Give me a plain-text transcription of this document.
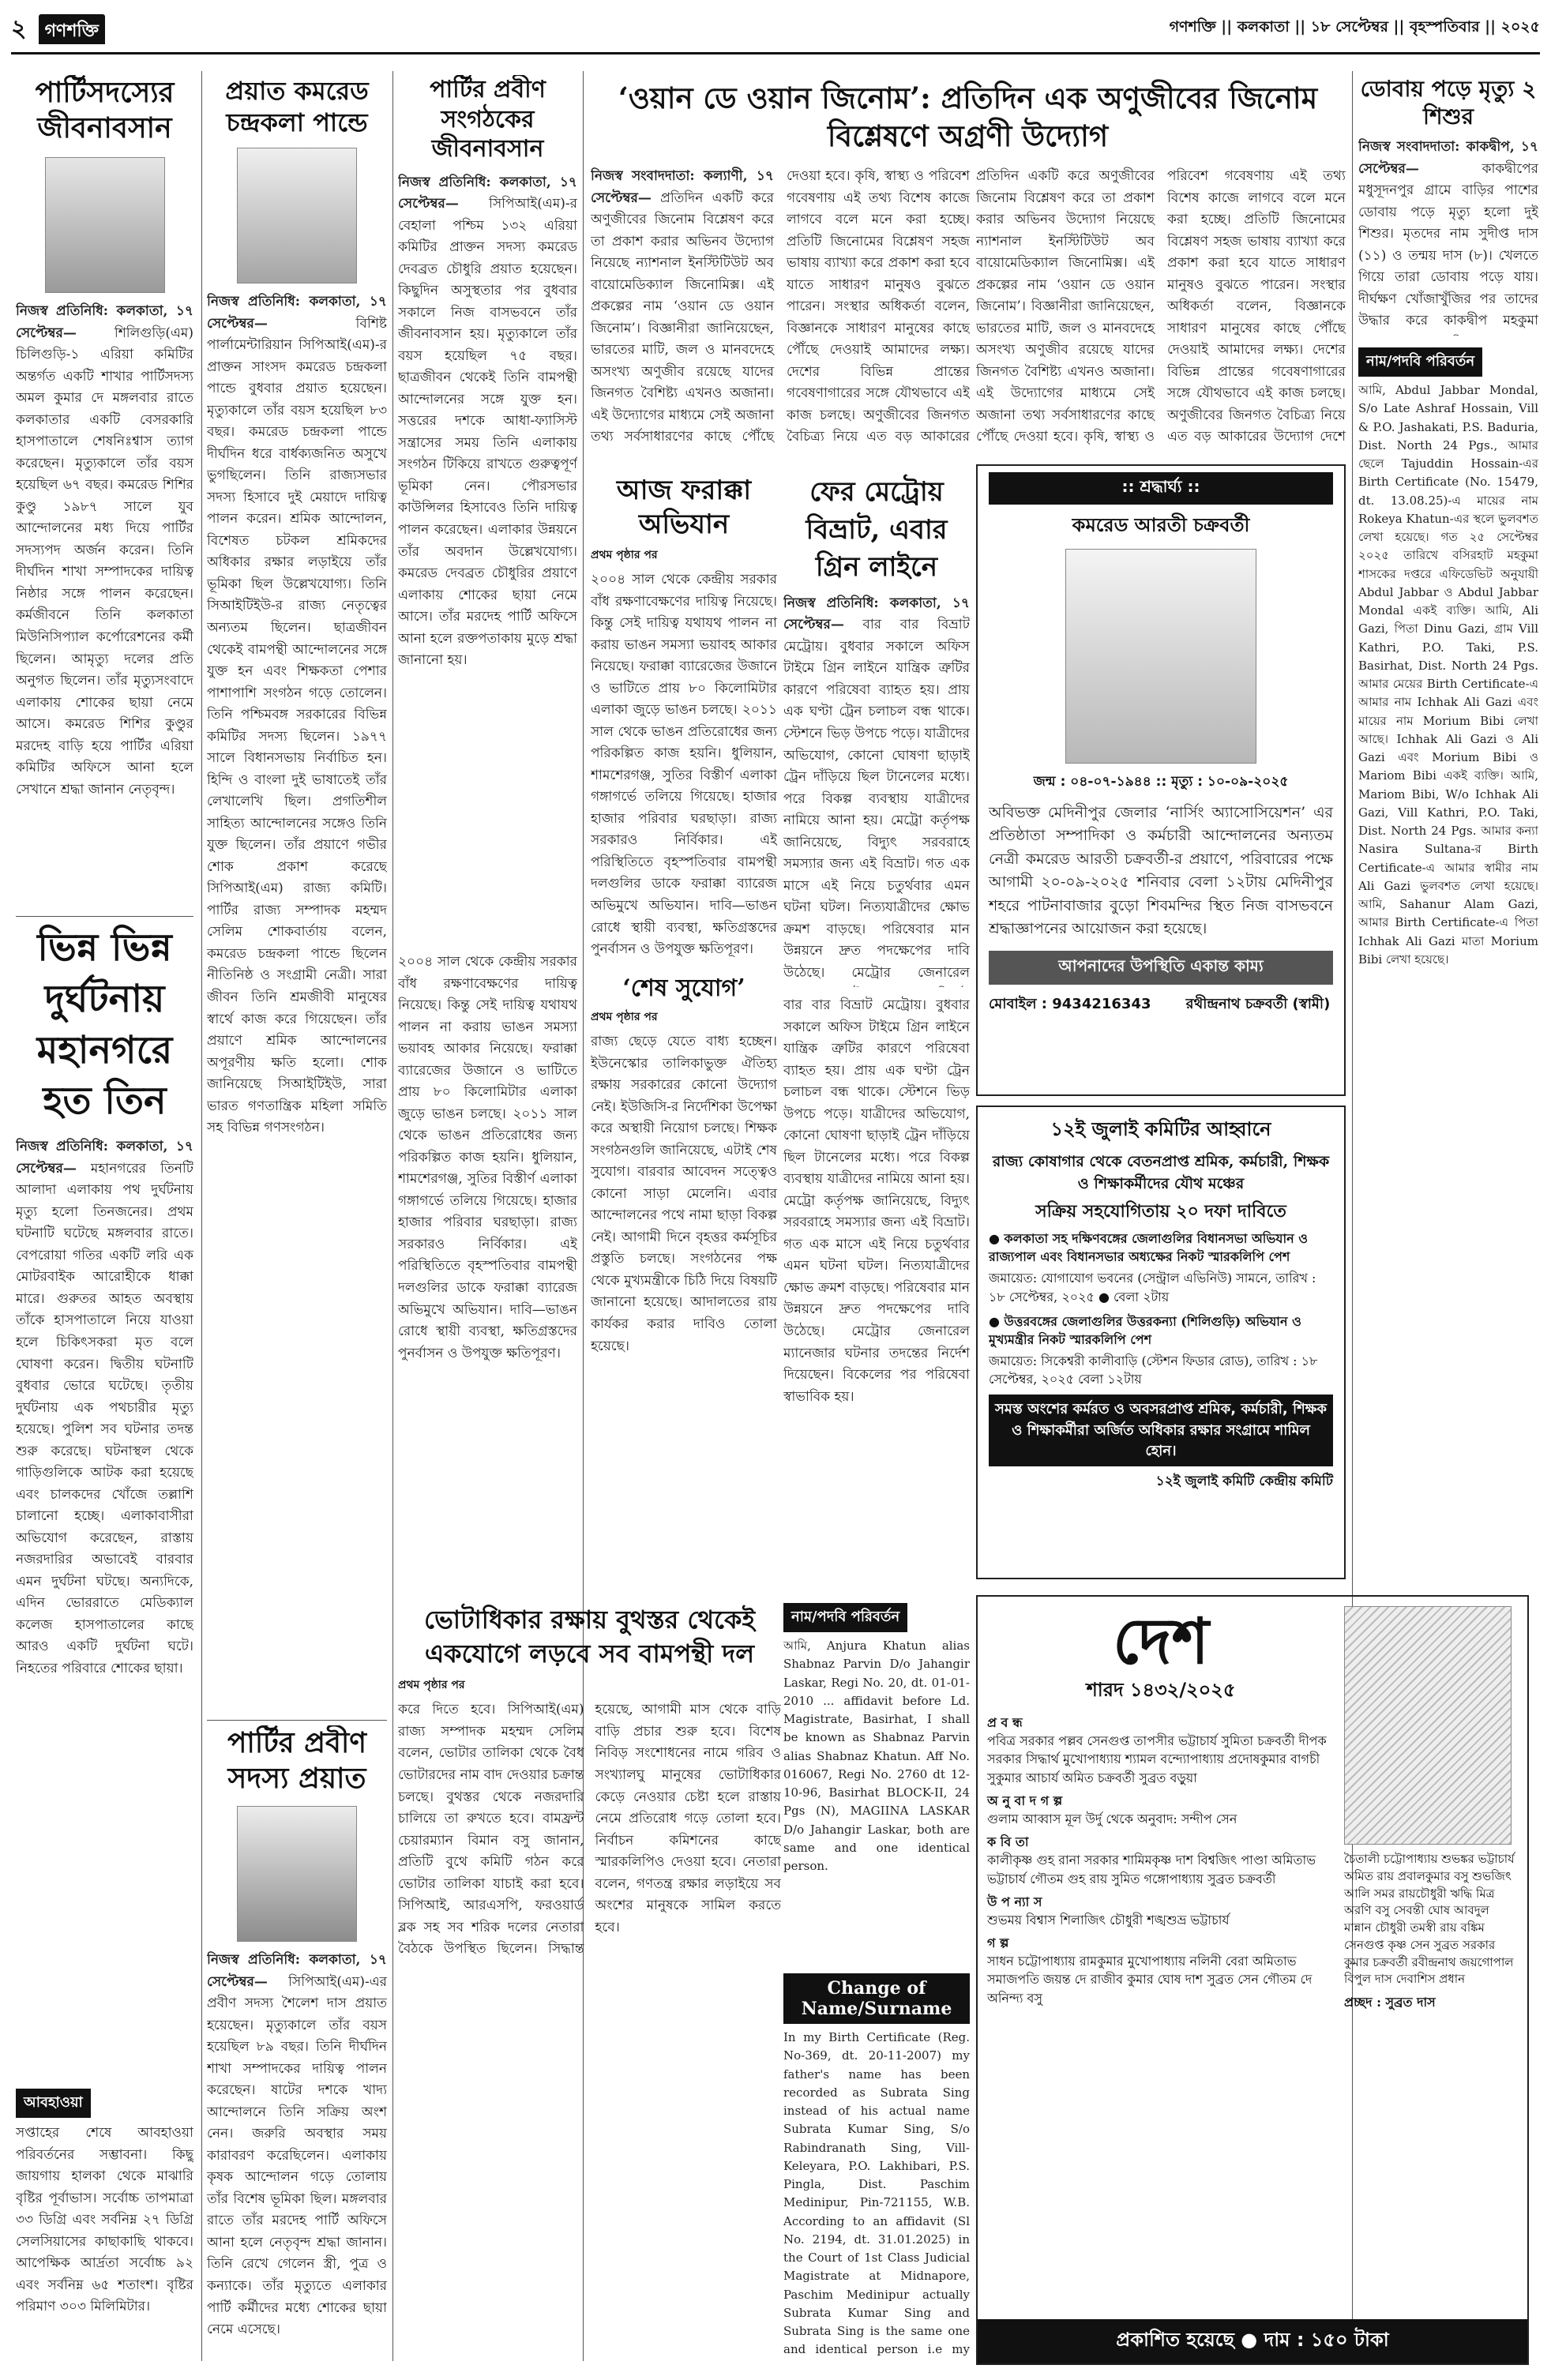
২ গণশক্তি	গণশক্তি || কলকাতা || ১৮ সেপ্টেম্বর || বৃহস্পতিবার || ২০২৫
পার্টিসদস্যের জীবনাবসান

নিজস্ব প্রতিনিধি: কলকাতা, ১৭ সেপ্টেম্বর—	শিলিগুড়ি(এম) চিলিগুড়ি-১ এরিয়া কমিটির অন্তর্গত একটি শাখার পার্টিসদস্য অমল কুমার দে মঙ্গলবার রাতে কলকাতার একটি বেসরকারি হাসপাতালে শেষনিঃশ্বাস ত্যাগ করেছেন। মৃত্যুকালে তাঁর বয়স হয়েছিল ৬৭ বছর। কমরেড শিশির কুণ্ডু ১৯৮৭ সালে যুব আন্দোলনের মধ্য দিয়ে পার্টির সদস্যপদ অর্জন করেন। তিনি দীর্ঘদিন শাখা সম্পাদকের দায়িত্ব নিষ্ঠার সঙ্গে পালন করেছেন। কর্মজীবনে তিনি কলকাতা মিউনিসিপ্যাল কর্পোরেশনের কর্মী ছিলেন। আমৃত্যু দলের প্রতি অনুগত ছিলেন। তাঁর মৃত্যুসংবাদে এলাকায় শোকের ছায়া নেমে আসে। কমরেড শিশির কুণ্ডুর মরদেহ বাড়ি হয়ে পার্টির এরিয়া কমিটির অফিসে আনা হলে সেখানে শ্রদ্ধা জানান নেতৃবৃন্দ।

ভিন্ন ভিন্ন দুর্ঘটনায় মহানগরে হত তিন

নিজস্ব প্রতিনিধি: কলকাতা, ১৭ সেপ্টেম্বর— মহানগরের তিনটি আলাদা এলাকায় পথ দুর্ঘটনায় মৃত্যু হলো তিনজনের। প্রথম ঘটনাটি ঘটেছে মঙ্গলবার রাতে। বেপরোয়া গতির একটি লরি এক মোটরবাইক আরোহীকে ধাক্কা মারে। গুরুতর আহত অবস্থায় তাঁকে হাসপাতালে নিয়ে যাওয়া হলে চিকিৎসকরা মৃত বলে ঘোষণা করেন। দ্বিতীয় ঘটনাটি বুধবার ভোরে ঘটেছে। তৃতীয় দুর্ঘটনায় এক পথচারীর মৃত্যু হয়েছে। পুলিশ সব ঘটনার তদন্ত শুরু করেছে। ঘটনাস্থল থেকে গাড়িগুলিকে আটক করা হয়েছে এবং চালকদের খোঁজে তল্লাশি চালানো হচ্ছে। এলাকাবাসীরা অভিযোগ করেছেন, রাস্তায় নজরদারির অভাবেই বারবার এমন দুর্ঘটনা ঘটছে। অন্যদিকে, এদিন ভোররাতে মেডিক্যাল কলেজ হাসপাতালের কাছে আরও একটি দুর্ঘটনা ঘটে। নিহতের পরিবারে শোকের ছায়া।

আবহাওয়া
সপ্তাহের শেষে আবহাওয়া পরিবর্তনের সম্ভাবনা। কিছু জায়গায় হালকা থেকে মাঝারি বৃষ্টির পূর্বাভাস। সর্বোচ্চ তাপমাত্রা ৩৩ ডিগ্রি এবং সর্বনিম্ন ২৭ ডিগ্রি সেলসিয়াসের কাছাকাছি থাকবে। আপেক্ষিক আর্দ্রতা সর্বোচ্চ ৯২ এবং সর্বনিম্ন ৬৫ শতাংশ। বৃষ্টির পরিমাণ ৩০৩ মিলিমিটার।
প্রয়াত কমরেড চন্দ্রকলা পান্ডে

নিজস্ব প্রতিনিধি: কলকাতা, ১৭ সেপ্টেম্বর—	বিশিষ্ট পার্লামেন্টারিয়ান সিপিআই(এম)-র প্রাক্তন সাংসদ কমরেড চন্দ্রকলা পান্ডে বুধবার প্রয়াত হয়েছেন। মৃত্যুকালে তাঁর বয়স হয়েছিল ৮৩ বছর। কমরেড চন্দ্রকলা পান্ডে দীর্ঘদিন ধরে বার্ধক্যজনিত অসুখে ভুগছিলেন। তিনি রাজ্যসভার সদস্য হিসাবে দুই মেয়াদে দায়িত্ব পালন করেন। শ্রমিক আন্দোলন, বিশেষত চটকল শ্রমিকদের অধিকার রক্ষার লড়াইয়ে তাঁর ভূমিকা ছিল উল্লেখযোগ্য। তিনি সিআইটিইউ-র রাজ্য নেতৃত্বের অন্যতম ছিলেন। ছাত্রজীবন থেকেই বামপন্থী আন্দোলনের সঙ্গে যুক্ত হন এবং শিক্ষকতা পেশার পাশাপাশি সংগঠন গড়ে তোলেন। তিনি পশ্চিমবঙ্গ সরকারের বিভিন্ন কমিটির সদস্য ছিলেন। ১৯৭৭ সালে বিধানসভায় নির্বাচিত হন। হিন্দি ও বাংলা দুই ভাষাতেই তাঁর লেখালেখি ছিল। প্রগতিশীল সাহিত্য আন্দোলনের সঙ্গেও তিনি যুক্ত ছিলেন। তাঁর প্রয়াণে গভীর শোক প্রকাশ করেছে সিপিআই(এম) রাজ্য কমিটি। পার্টির রাজ্য সম্পাদক মহম্মদ সেলিম শোকবার্তায় বলেন, কমরেড চন্দ্রকলা পান্ডে ছিলেন নীতিনিষ্ঠ ও সংগ্রামী নেত্রী। সারা জীবন তিনি শ্রমজীবী মানুষের স্বার্থে কাজ করে গিয়েছেন। তাঁর প্রয়াণে শ্রমিক আন্দোলনের অপূরণীয় ক্ষতি হলো। শোক জানিয়েছে সিআইটিইউ, সারা ভারত গণতান্ত্রিক মহিলা সমিতি সহ বিভিন্ন গণসংগঠন।

পার্টির প্রবীণ সদস্য প্রয়াত

নিজস্ব প্রতিনিধি: কলকাতা, ১৭ সেপ্টেম্বর— সিপিআই(এম)-এর প্রবীণ সদস্য শৈলেশ দাস প্রয়াত হয়েছেন। মৃত্যুকালে তাঁর বয়স হয়েছিল ৮৯ বছর। তিনি দীর্ঘদিন শাখা সম্পাদকের দায়িত্ব পালন করেছেন। ষাটের দশকে খাদ্য আন্দোলনে তিনি সক্রিয় অংশ নেন। জরুরি অবস্থার সময় কারাবরণ করেছিলেন। এলাকায় কৃষক আন্দোলন গড়ে তোলায় তাঁর বিশেষ ভূমিকা ছিল। মঙ্গলবার রাতে তাঁর মরদেহ পার্টি অফিসে আনা হলে নেতৃবৃন্দ শ্রদ্ধা জানান। তিনি রেখে গেলেন স্ত্রী, পুত্র ও কন্যাকে। তাঁর মৃত্যুতে এলাকার পার্টি কর্মীদের মধ্যে শোকের ছায়া নেমে এসেছে।

পার্টির প্রবীণ সংগঠকের জীবনাবসান

নিজস্ব প্রতিনিধি: কলকাতা, ১৭ সেপ্টেম্বর— সিপিআই(এম)-র বেহালা পশ্চিম ১৩২ এরিয়া কমিটির প্রাক্তন সদস্য কমরেড দেবব্রত চৌধুরি প্রয়াত হয়েছেন। কিছুদিন অসুস্থতার পর বুধবার সকালে নিজ বাসভবনে তাঁর জীবনাবসান হয়। মৃত্যুকালে তাঁর বয়স হয়েছিল ৭৫ বছর। ছাত্রজীবন থেকেই তিনি বামপন্থী আন্দোলনের সঙ্গে যুক্ত হন। সত্তরের দশকে আধা-ফ্যাসিস্ট সন্ত্রাসের সময় তিনি এলাকায় সংগঠন টিকিয়ে রাখতে গুরুত্বপূর্ণ ভূমিকা নেন। পৌরসভার কাউন্সিলর হিসাবেও তিনি দায়িত্ব পালন করেছেন। এলাকার উন্নয়নে তাঁর অবদান উল্লেখযোগ্য। কমরেড দেবব্রত চৌধুরির প্রয়াণে এলাকায় শোকের ছায়া নেমে আসে। তাঁর মরদেহ পার্টি অফিসে আনা হলে রক্তপতাকায় মুড়ে শ্রদ্ধা জানানো হয়।

‘ওয়ান ডে ওয়ান জিনোম’: প্রতিদিন এক অণুজীবের জিনোম বিশ্লেষণে অগ্রণী উদ্যোগ

নিজস্ব সংবাদদাতা: কল্যাণী, ১৭ সেপ্টেম্বর— প্রতিদিন একটি করে অণুজীবের জিনোম বিশ্লেষণ করে তা প্রকাশ করার অভিনব উদ্যোগ নিয়েছে ন্যাশনাল ইনস্টিটিউট অব বায়োমেডিক্যাল জিনোমিক্স। এই প্রকল্পের নাম ‘ওয়ান ডে ওয়ান জিনোম’। বিজ্ঞানীরা জানিয়েছেন, ভারতের মাটি, জল ও মানবদেহে অসংখ্য অণুজীব রয়েছে যাদের জিনগত বৈশিষ্ট্য এখনও অজানা। এই উদ্যোগের মাধ্যমে সেই অজানা তথ্য সর্বসাধারণের কাছে পৌঁছে দেওয়া হবে। কৃষি, স্বাস্থ্য ও পরিবেশ গবেষণায় এই তথ্য বিশেষ কাজে লাগবে বলে মনে করা হচ্ছে। প্রতিটি জিনোমের বিশ্লেষণ সহজ ভাষায় ব্যাখ্যা করে প্রকাশ করা হবে যাতে সাধারণ মানুষও বুঝতে পারেন। সংস্থার অধিকর্তা বলেন, বিজ্ঞানকে সাধারণ মানুষের কাছে পৌঁছে দেওয়াই আমাদের লক্ষ্য। দেশের বিভিন্ন প্রান্তের গবেষণাগারের সঙ্গে যৌথভাবে এই কাজ চলছে। অণুজীবের জিনগত বৈচিত্র্য নিয়ে এত বড় আকারের

প্রতিদিন একটি করে অণুজীবের জিনোম বিশ্লেষণ করে তা প্রকাশ করার অভিনব উদ্যোগ নিয়েছে ন্যাশনাল ইনস্টিটিউট অব বায়োমেডিক্যাল জিনোমিক্স। এই প্রকল্পের নাম ‘ওয়ান ডে ওয়ান জিনোম’। বিজ্ঞানীরা জানিয়েছেন, ভারতের মাটি, জল ও মানবদেহে অসংখ্য অণুজীব রয়েছে যাদের জিনগত বৈশিষ্ট্য এখনও অজানা। এই উদ্যোগের মাধ্যমে সেই অজানা তথ্য সর্বসাধারণের কাছে পৌঁছে দেওয়া হবে। কৃষি, স্বাস্থ্য ও পরিবেশ গবেষণায় এই তথ্য বিশেষ কাজে লাগবে বলে মনে করা হচ্ছে। প্রতিটি জিনোমের বিশ্লেষণ সহজ ভাষায় ব্যাখ্যা করে প্রকাশ করা হবে যাতে সাধারণ মানুষও বুঝতে পারেন। সংস্থার অধিকর্তা বলেন, বিজ্ঞানকে সাধারণ মানুষের কাছে পৌঁছে দেওয়াই আমাদের লক্ষ্য। দেশের বিভিন্ন প্রান্তের গবেষণাগারের সঙ্গে যৌথভাবে এই কাজ চলছে। অণুজীবের জিনগত বৈচিত্র্য নিয়ে এত বড় আকারের উদ্যোগ দেশে
আজ ফরাক্কা অভিযান
প্রথম পৃষ্ঠার পর
২০০৪ সাল থেকে কেন্দ্রীয় সরকার বাঁধ রক্ষণাবেক্ষণের দায়িত্ব নিয়েছে। কিন্তু সেই দায়িত্ব যথাযথ পালন না করায় ভাঙন সমস্যা ভয়াবহ আকার নিয়েছে। ফরাক্কা ব্যারেজের উজানে ও ভাটিতে প্রায় ৮০ কিলোমিটার এলাকা জুড়ে ভাঙন চলছে। ২০১১ সাল থেকে ভাঙন প্রতিরোধের জন্য পরিকল্পিত কাজ হয়নি। ধুলিয়ান, শামশেরগঞ্জ, সুতির বিস্তীর্ণ এলাকা গঙ্গাগর্ভে তলিয়ে গিয়েছে। হাজার হাজার পরিবার ঘরছাড়া। রাজ্য সরকারও নির্বিকার। এই পরিস্থিতিতে বৃহস্পতিবার বামপন্থী দলগুলির ডাকে ফরাক্কা ব্যারেজ অভিমুখে অভিযান। দাবি—ভাঙন রোধে স্থায়ী ব্যবস্থা, ক্ষতিগ্রস্তদের পুনর্বাসন ও উপযুক্ত ক্ষতিপূরণ।
‘শেষ সুযোগ’
প্রথম পৃষ্ঠার পর
রাজ্য ছেড়ে যেতে বাধ্য হচ্ছেন। ইউনেস্কোর তালিকাভুক্ত ঐতিহ্য রক্ষায় সরকারের কোনো উদ্যোগ নেই। ইউজিসি-র নির্দেশিকা উপেক্ষা করে অস্থায়ী নিয়োগ চলছে। শিক্ষক সংগঠনগুলি জানিয়েছে, এটাই শেষ সুযোগ। বারবার আবেদন সত্ত্বেও কোনো সাড়া মেলেনি। এবার আন্দোলনের পথে নামা ছাড়া বিকল্প নেই। আগামী দিনে বৃহত্তর কর্মসূচির প্রস্তুতি চলছে। সংগঠনের পক্ষ থেকে মুখ্যমন্ত্রীকে চিঠি দিয়ে বিষয়টি জানানো হয়েছে। আদালতের রায় কার্যকর করার দাবিও তোলা হয়েছে।
ফের মেট্রোয় বিভ্রাট, এবার গ্রিন লাইনে

নিজস্ব প্রতিনিধি: কলকাতা, ১৭ সেপ্টেম্বর— বার বার বিভ্রাট মেট্রোয়। বুধবার সকালে অফিস টাইমে গ্রিন লাইনে যান্ত্রিক ত্রুটির কারণে পরিষেবা ব্যাহত হয়। প্রায় এক ঘণ্টা ট্রেন চলাচল বন্ধ থাকে। স্টেশনে ভিড় উপচে পড়ে। যাত্রীদের অভিযোগ, কোনো ঘোষণা ছাড়াই ট্রেন দাঁড়িয়ে ছিল টানেলের মধ্যে। পরে বিকল্প ব্যবস্থায় যাত্রীদের নামিয়ে আনা হয়। মেট্রো কর্তৃপক্ষ জানিয়েছে, বিদ্যুৎ সরবরাহে সমস্যার জন্য এই বিভ্রাট। গত এক মাসে এই নিয়ে চতুর্থবার এমন ঘটনা ঘটল। নিত্যযাত্রীদের ক্ষোভ ক্রমশ বাড়ছে। পরিষেবার মান উন্নয়নে দ্রুত পদক্ষেপের দাবি উঠেছে। মেট্রোর জেনারেল

:: শ্রদ্ধার্ঘ্য ::
কমরেড আরতী চক্রবর্তী
জন্ম : ০৪-০৭-১৯৪৪ :: মৃত্যু : ১০-০৯-২০২৫
অবিভক্ত মেদিনীপুর জেলার ‘নার্সিং অ্যাসোসিয়েশন’ এর প্রতিষ্ঠাতা সম্পাদিকা ও কর্মচারী আন্দোলনের অন্যতম নেত্রী কমরেড আরতী চক্রবর্তী-র প্রয়াণে, পরিবারের পক্ষে আগামী ২০-০৯-২০২৫ শনিবার বেলা ১২টায় মেদিনীপুর শহরে পাটনাবাজার বুড়ো শিবমন্দির স্থিত নিজ বাসভবনে শ্রদ্ধাজ্ঞাপনের আয়োজন করা হয়েছে।
আপনাদের উপস্থিতি একান্ত কাম্য
মোবাইল : 9434216343 রথীন্দ্রনাথ চক্রবর্তী (স্বামী)
১২ই জুলাই কমিটির আহ্বানে
রাজ্য কোষাগার থেকে বেতনপ্রাপ্ত শ্রমিক, কর্মচারী, শিক্ষক ও শিক্ষাকর্মীদের যৌথ মঞ্চের
সক্রিয় সহযোগিতায় ২০ দফা দাবিতে
● কলকাতা সহ দক্ষিণবঙ্গের জেলাগুলির বিধানসভা অভিযান ও রাজ্যপাল এবং বিধানসভার অধ্যক্ষের নিকট স্মারকলিপি পেশ
জমায়েত: যোগাযোগ ভবনের (সেন্ট্রাল এভিনিউ) সামনে, তারিখ : ১৮ সেপ্টেম্বর, ২০২৫ ● বেলা ২টায়
● উত্তরবঙ্গের জেলাগুলির উত্তরকন্যা (শিলিগুড়ি) অভিযান ও মুখ্যমন্ত্রীর নিকট স্মারকলিপি পেশ
জমায়েত: সিকেশ্বরী কালীবাড়ি (স্টেশন ফিডার রোড), তারিখ : ১৮ সেপ্টেম্বর, ২০২৫ বেলা ১২টায়
সমস্ত অংশের কর্মরত ও অবসরপ্রাপ্ত শ্রমিক, কর্মচারী, শিক্ষক ও শিক্ষাকর্মীরা অর্জিত অধিকার রক্ষার সংগ্রামে শামিল হোন।
১২ই জুলাই কমিটি কেন্দ্রীয় কমিটি
বার বার বিভ্রাট মেট্রোয়। বুধবার সকালে অফিস টাইমে গ্রিন লাইনে যান্ত্রিক ত্রুটির কারণে পরিষেবা ব্যাহত হয়। প্রায় এক ঘণ্টা ট্রেন চলাচল বন্ধ থাকে। স্টেশনে ভিড় উপচে পড়ে। যাত্রীদের অভিযোগ, কোনো ঘোষণা ছাড়াই ট্রেন দাঁড়িয়ে ছিল টানেলের মধ্যে। পরে বিকল্প ব্যবস্থায় যাত্রীদের নামিয়ে আনা হয়। মেট্রো কর্তৃপক্ষ জানিয়েছে, বিদ্যুৎ সরবরাহে সমস্যার জন্য এই বিভ্রাট। গত এক মাসে এই নিয়ে চতুর্থবার এমন ঘটনা ঘটল। নিত্যযাত্রীদের ক্ষোভ ক্রমশ বাড়ছে। পরিষেবার মান উন্নয়নে দ্রুত পদক্ষেপের দাবি উঠেছে। মেট্রোর জেনারেল ম্যানেজার ঘটনার তদন্তের নির্দেশ দিয়েছেন। বিকেলের পর পরিষেবা স্বাভাবিক হয়।
ভোটাধিকার রক্ষায় বুথস্তর থেকেই একযোগে লড়বে সব বামপন্থী দল
প্রথম পৃষ্ঠার পর
করে দিতে হবে। সিপিআই(এম) রাজ্য সম্পাদক মহম্মদ সেলিম বলেন, ভোটার তালিকা থেকে বৈধ ভোটারদের নাম বাদ দেওয়ার চক্রান্ত চলছে। বুথস্তর থেকে নজরদারি চালিয়ে তা রুখতে হবে। বামফ্রন্ট চেয়ারম্যান বিমান বসু জানান, প্রতিটি বুথে কমিটি গঠন করে ভোটার তালিকা যাচাই করা হবে। সিপিআই, আরএসপি, ফরওয়ার্ড ব্লক সহ সব শরিক দলের নেতারা বৈঠকে উপস্থিত ছিলেন। সিদ্ধান্ত হয়েছে, আগামী মাস থেকে বাড়ি বাড়ি প্রচার শুরু হবে। বিশেষ নিবিড় সংশোধনের নামে গরিব ও সংখ্যালঘু মানুষের ভোটাধিকার কেড়ে নেওয়ার চেষ্টা হলে রাস্তায় নেমে প্রতিরোধ গড়ে তোলা হবে। নির্বাচন কমিশনের কাছে স্মারকলিপিও দেওয়া হবে। নেতারা বলেন, গণতন্ত্র রক্ষার লড়াইয়ে সব অংশের মানুষকে সামিল করতে হবে।
২০০৪ সাল থেকে কেন্দ্রীয় সরকার বাঁধ রক্ষণাবেক্ষণের দায়িত্ব নিয়েছে। কিন্তু সেই দায়িত্ব যথাযথ পালন না করায় ভাঙন সমস্যা ভয়াবহ আকার নিয়েছে। ফরাক্কা ব্যারেজের উজানে ও ভাটিতে প্রায় ৮০ কিলোমিটার এলাকা জুড়ে ভাঙন চলছে। ২০১১ সাল থেকে ভাঙন প্রতিরোধের জন্য পরিকল্পিত কাজ হয়নি। ধুলিয়ান, শামশেরগঞ্জ, সুতির বিস্তীর্ণ এলাকা গঙ্গাগর্ভে তলিয়ে গিয়েছে। হাজার হাজার পরিবার ঘরছাড়া। রাজ্য সরকারও নির্বিকার। এই পরিস্থিতিতে বৃহস্পতিবার বামপন্থী দলগুলির ডাকে ফরাক্কা ব্যারেজ অভিমুখে অভিযান। দাবি—ভাঙন রোধে স্থায়ী ব্যবস্থা, ক্ষতিগ্রস্তদের পুনর্বাসন ও উপযুক্ত ক্ষতিপূরণ।
নাম/পদবি পরিবর্তন
আমি, Anjura Khatun alias Shabnaz Parvin D/o Jahangir Laskar, Regi No. 20, dt. 01-01-2010 ... affidavit before Ld. Magistrate, Basirhat, I shall be known as Shabnaz Parvin alias Shabnaz Khatun. Aff No. 016067, Regi No. 2760 dt 12-10-96, Basirhat BLOCK-II, 24 Pgs (N), MAGIINA LASKAR D/o Jahangir Laskar, both are same and one identical person.
Change of Name/Surname
In my Birth Certificate (Reg. No-369, dt. 20-11-2007) my father's name has been recorded as Subrata Sing instead of his actual name Subrata Kumar Sing, S/o Rabindranath Sing, Vill-Keleyara, P.O. Lakhibari, P.S. Pingla, Dist. Paschim Medinipur, Pin-721155, W.B. According to an affidavit (Sl No. 2194, dt. 31.01.2025) in the Court of 1st Class Judicial Magistrate at Midnapore, Paschim Medinipur actually Subrata Kumar Sing and Subrata Sing is the same one and identical person i.e my
দেশ
শারদ ১৪৩২/২০২৫
প্র ব ন্ধ
পবিত্র সরকার পল্লব সেনগুপ্ত তাপসীর ভট্টাচার্য সুমিতা চক্রবর্তী দীপক সরকার সিদ্ধার্থ মুখোপাধ্যায় শ্যামল বন্দ্যোপাধ্যায় প্রদোষকুমার বাগচী সুকুমার আচার্য অমিত চক্রবর্তী সুব্রত বড়ুয়া
অ নু বা দ গ ল্প
গুলাম আব্বাস মূল উর্দু থেকে অনুবাদ: সন্দীপ সেন
ক বি তা
কালীকৃষ্ণ গুহ রানা সরকার শামিমকৃষ্ণ দাশ বিশ্বজিৎ পাণ্ডা অমিতাভ ভট্টাচার্য গৌতম গুহ রায় সুমিত গঙ্গোপাধ্যায় সুব্রত চক্রবর্তী
উ প ন্যা স
শুভময় বিশ্বাস শিলাজিৎ চৌধুরী শঙ্খশুভ্র ভট্টাচার্য
গ ল্প
সাধন চট্টোপাধ্যায় রামকুমার মুখোপাধ্যায় নলিনী বেরা অমিতাভ সমাজপতি জয়ন্ত দে রাজীব কুমার ঘোষ দাশ সুব্রত সেন গৌতম দে অনিন্দ্য বসু
চৈতালী চট্টোপাধ্যায় শুভঙ্কর ভট্টাচার্য অমিত রায় প্রবালকুমার বসু শুভজিৎ আলি সমর রায়চৌধুরী ঋদ্ধি মিত্র অরণি বসু সেবন্তী ঘোষ আবদুল মান্নান চৌধুরী তমস্বী রায় বঙ্কিম সেনগুপ্ত কৃষ্ণ সেন সুব্রত সরকার কুমার চক্রবর্তী রবীন্দ্রনাথ জয়গোপাল বিপুল দাস দেবাশিস প্রধান
প্রচ্ছদ : সুব্রত দাস
প্রকাশিত হয়েছে ● দাম : ১৫০ টাকা
ডোবায় পড়ে মৃত্যু ২ শিশুর

নিজস্ব সংবাদদাতা: কাকদ্বীপ, ১৭ সেপ্টেম্বর—	কাকদ্বীপের মধুসূদনপুর গ্রামে বাড়ির পাশের ডোবায় পড়ে মৃত্যু হলো দুই শিশুর। মৃতদের নাম সুদীপ্ত দাস (১১) ও তন্ময় দাস (৮)। খেলতে গিয়ে তারা ডোবায় পড়ে যায়। দীর্ঘক্ষণ খোঁজাখুঁজির পর তাদের উদ্ধার করে কাকদ্বীপ মহকুমা

নাম/পদবি পরিবর্তন
আমি, Abdul Jabbar Mondal, S/o Late Ashraf Hossain, Vill & P.O. Jashakati, P.S. Baduria, Dist. North 24 Pgs., আমার ছেলে Tajuddin Hossain-এর Birth Certificate (No. 15479, dt. 13.08.25)-এ মায়ের নাম Rokeya Khatun-এর স্থলে ভুলবশত লেখা হয়েছে। গত ২৫ সেপ্টেম্বর ২০২৫ তারিখে বসিরহাট মহকুমা শাসকের দপ্তরে এফিডেভিট অনুযায়ী Abdul Jabbar ও Abdul Jabbar Mondal একই ব্যক্তি। আমি, Ali Gazi, পিতা Dinu Gazi, গ্রাম Vill Kathri, P.O. Taki, P.S. Basirhat, Dist. North 24 Pgs. আমার মেয়ের Birth Certificate-এ আমার নাম Ichhak Ali Gazi এবং মায়ের নাম Morium Bibi লেখা আছে। Ichhak Ali Gazi ও Ali Gazi এবং Morium Bibi ও Mariom Bibi একই ব্যক্তি। আমি, Mariom Bibi, W/o Ichhak Ali Gazi, Vill Kathri, P.O. Taki, Dist. North 24 Pgs. আমার কন্যা Nasira Sultana-র Birth Certificate-এ আমার স্বামীর নাম Ali Gazi ভুলবশত লেখা হয়েছে। আমি, Sahanur Alam Gazi, আমার Birth Certificate-এ পিতা Ichhak Ali Gazi মাতা Morium Bibi লেখা হয়েছে।
